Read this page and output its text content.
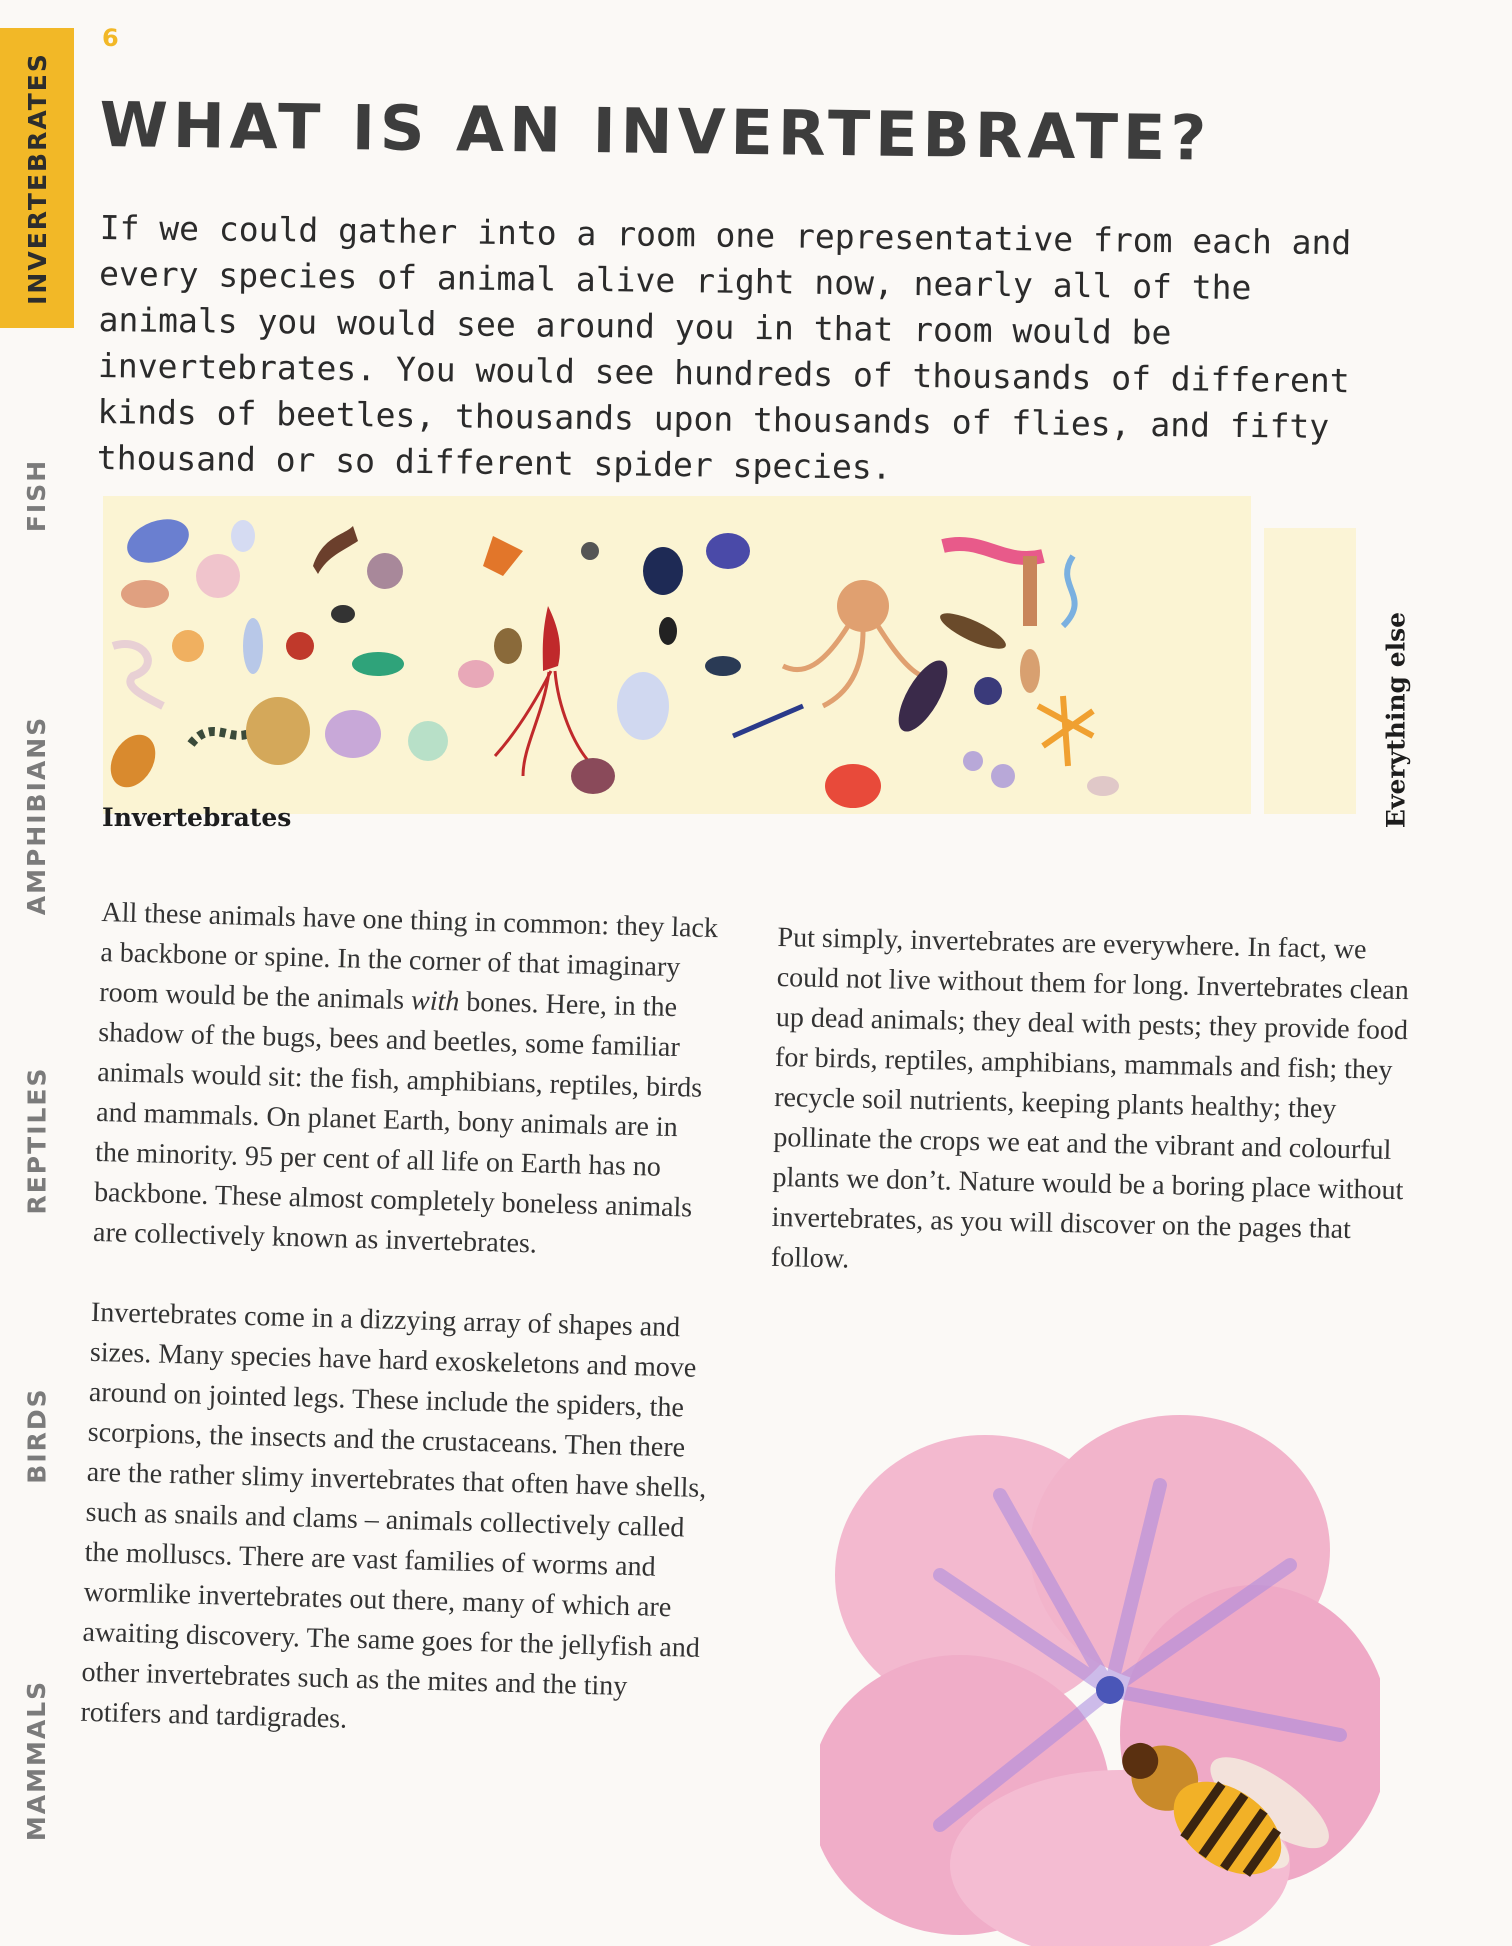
INVERTEBRATES
FISH
AMPHIBIANS
REPTILES
BIRDS
MAMMALS
6
WHAT IS AN INVERTEBRATE?

If we could gather into a room one representative from each and every species of animal alive right now, nearly all of the animals you would see around you in that room would be invertebrates. You would see hundreds of thousands of different kinds of beetles, thousands upon thousands of flies, and fifty thousand or so different spider species.

Invertebrates	Everything else

All these animals have one thing in common: they lack a backbone or spine. In the corner of that imaginary room would be the animals with bones. Here, in the shadow of the bugs, bees and beetles, some familiar animals would sit: the fish, amphibians, reptiles, birds and mammals. On planet Earth, bony animals are in the minority. 95 per cent of all life on Earth has no backbone. These almost completely boneless animals are collectively known as invertebrates.

Invertebrates come in a dizzying array of shapes and sizes. Many species have hard exoskeletons and move around on jointed legs. These include the spiders, the scorpions, the insects and the crustaceans. Then there are the rather slimy invertebrates that often have shells, such as snails and clams – animals collectively called the molluscs. There are vast families of worms and wormlike invertebrates out there, many of which are awaiting discovery. The same goes for the jellyfish and other invertebrates such as the mites and the tiny rotifers and tardigrades.

Put simply, invertebrates are everywhere. In fact, we could not live without them for long. Invertebrates clean up dead animals; they deal with pests; they provide food for birds, reptiles, amphibians, mammals and fish; they recycle soil nutrients, keeping plants healthy; they pollinate the crops we eat and the vibrant and colourful plants we don’t. Nature would be a boring place without invertebrates, as you will discover on the pages that follow.
